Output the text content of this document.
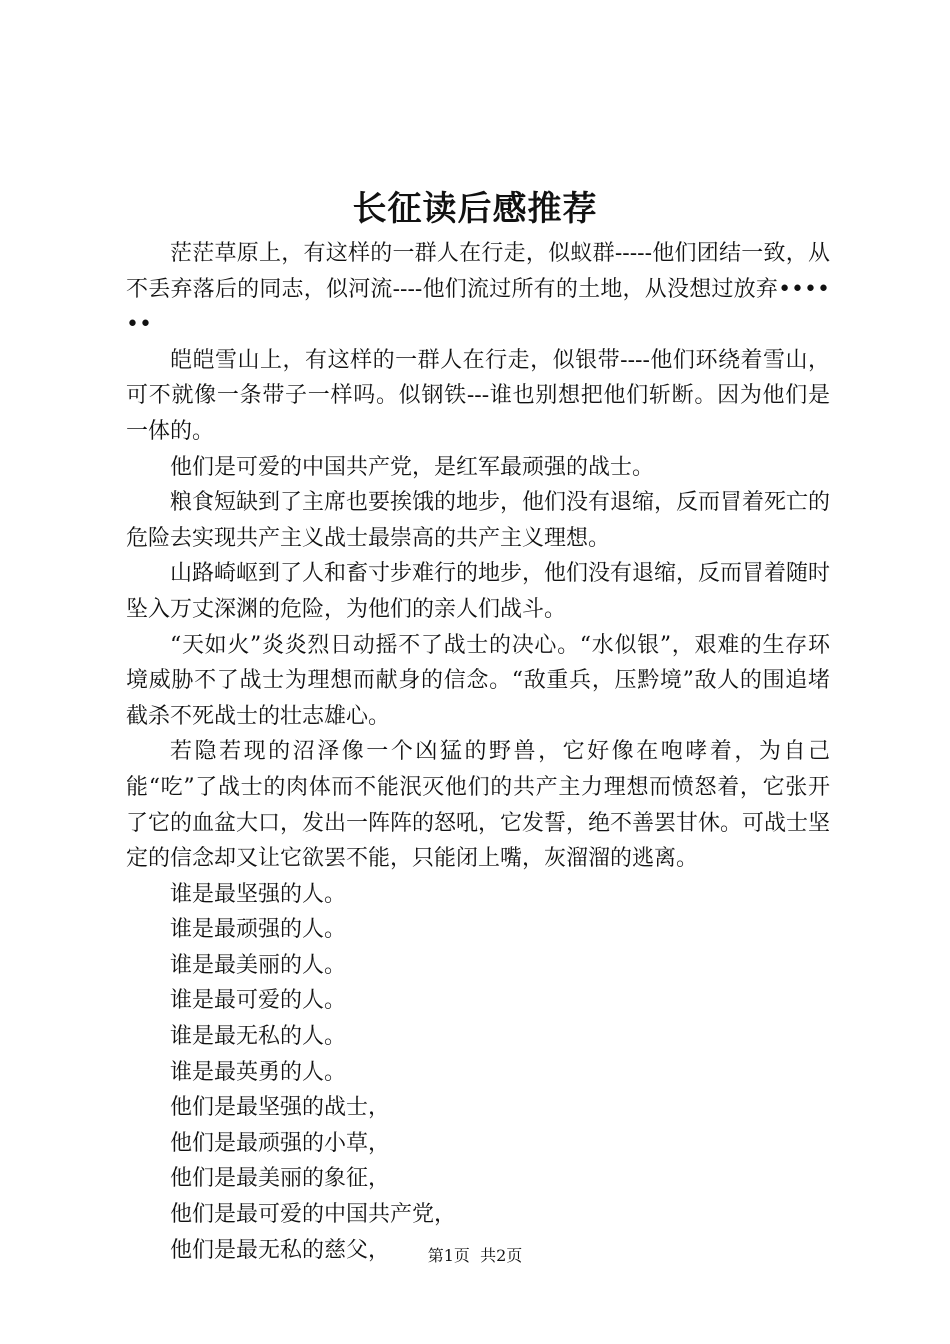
长征读后感推荐

茫茫草原上，有这样的一群人在行走，似蚁群-----他们团结一致，从不丢弃落后的同志，似河流----他们流过所有的土地，从没想过放弃••••••

皑皑雪山上，有这样的一群人在行走，似银带----他们环绕着雪山，可不就像一条带子一样吗。似钢铁---谁也别想把他们斩断。因为他们是一体的。

他们是可爱的中国共产党，是红军最顽强的战士。

粮食短缺到了主席也要挨饿的地步，他们没有退缩，反而冒着死亡的危险去实现共产主义战士最崇高的共产主义理想。

山路崎岖到了人和畜寸步难行的地步，他们没有退缩，反而冒着随时坠入万丈深渊的危险，为他们的亲人们战斗。

“天如火”炎炎烈日动摇不了战士的决心。“水似银”，艰难的生存环境威胁不了战士为理想而献身的信念。“敌重兵，压黔境”敌人的围追堵截杀不死战士的壮志雄心。

若隐若现的沼泽像一个凶猛的野兽，它好像在咆哮着，为自己能“吃”了战士的肉体而不能泯灭他们的共产主力理想而愤怒着，它张开了它的血盆大口，发出一阵阵的怒吼，它发誓，绝不善罢甘休。可战士坚定的信念却又让它欲罢不能，只能闭上嘴，灰溜溜的逃离。

谁是最坚强的人。

谁是最顽强的人。

谁是最美丽的人。

谁是最可爱的人。

谁是最无私的人。

谁是最英勇的人。

他们是最坚强的战士，

他们是最顽强的小草，

他们是最美丽的象征，

他们是最可爱的中国共产党，

他们是最无私的慈父，	第1页 共2页
